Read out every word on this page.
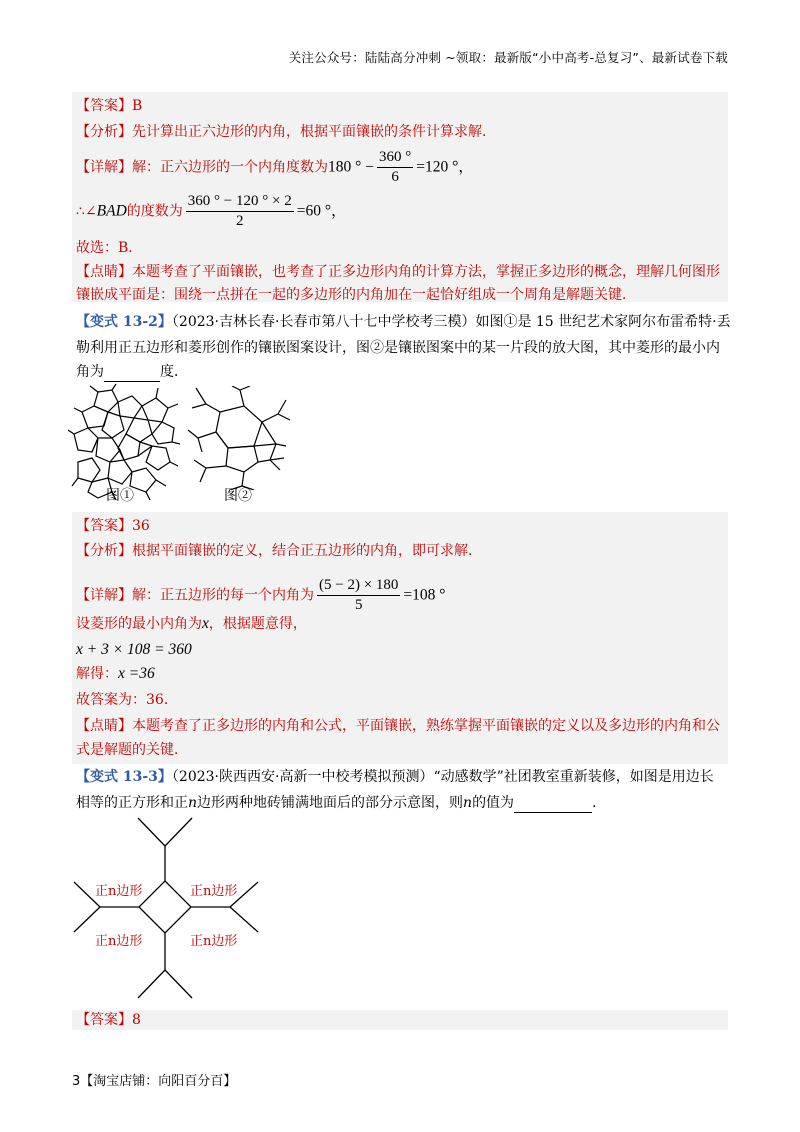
关注公众号：陆陆高分冲刺 ~领取：最新版“小中高考-总复习”、最新试卷下载
【答案】B
【分析】先计算出正六边形的内角，根据平面镶嵌的条件计算求解．
【详解】解：正六边形的一个内角度数为180 ° − $\frac{360 ^\circ}{6} =120$ °，
∴∠BAD的度数为 $\frac{360 ^\circ - 120 ^\circ \times 2}{2} =60$ °，
故选：B．
【点睛】本题考查了平面镶嵌，也考查了正多边形内角的计算方法，掌握正多边形的概念，理解几何图形
镶嵌成平面是：围绕一点拼在一起的多边形的内角加在一起恰好组成一个周角是解题关键．
【变式 13-2】（2023·吉林长春·长春市第八十七中学校考三模）如图①是 15 世纪艺术家阿尔布雷希特·丢
勒利用正五边形和菱形创作的镶嵌图案设计，图②是镶嵌图案中的某一片段的放大图，其中菱形的最小内
角为	度．
图①	图②
【答案】36
【分析】根据平面镶嵌的定义，结合正五边形的内角，即可求解．
【详解】解：正五边形的每一个内角为 $\frac{(5 - 2) \times 180}{5} =108$ °
设菱形的最小内角为x，根据题意得，
x + 3 × 108 = 360
解得：x =36
故答案为：36．
【点睛】本题考查了正多边形的内角和公式，平面镶嵌，熟练掌握平面镶嵌的定义以及多边形的内角和公
式是解题的关键．
【变式 13-3】（2023·陕西西安·高新一中校考模拟预测）“动感数学”社团教室重新装修，如图是用边长
相等的正方形和正n边形两种地砖铺满地面后的部分示意图，则n的值为	．
正n边形	正n边形
正n边形	正n边形
【答案】8
3【淘宝店铺：向阳百分百】
